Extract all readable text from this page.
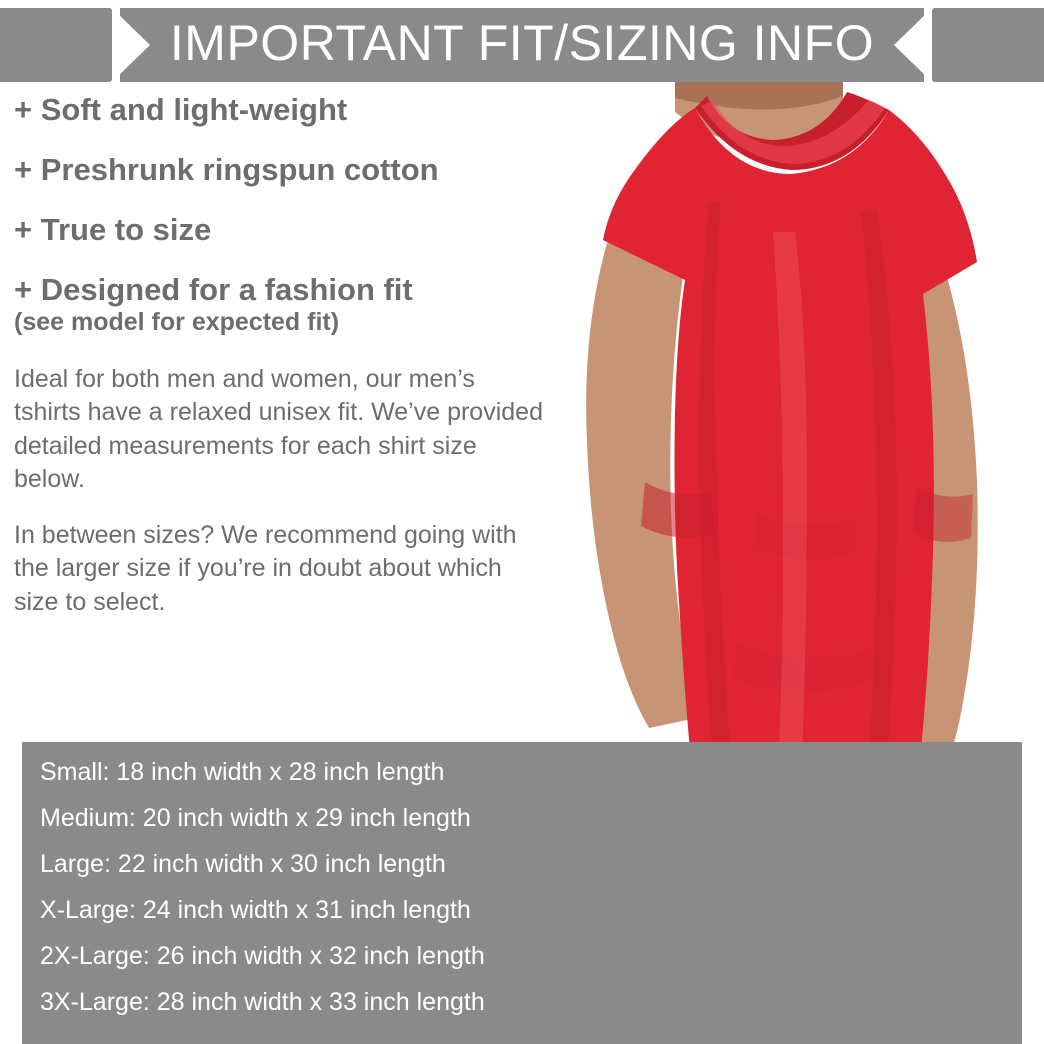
IMPORTANT FIT/SIZING INFO
+ Soft and light-weight
+ Preshrunk ringspun cotton
+ True to size
+ Designed for a fashion fit
(see model for expected fit)
Ideal for both men and women, our men’s tshirts have a relaxed unisex fit. We’ve provided detailed measurements for each shirt size below.
In between sizes? We recommend going with the larger size if you’re in doubt about which size to select.
Small: 18 inch width x 28 inch length
Medium: 20 inch width x 29 inch length
Large: 22 inch width x 30 inch length
X-Large: 24 inch width x 31 inch length
2X-Large: 26 inch width x 32 inch length
3X-Large: 28 inch width x 33 inch length
